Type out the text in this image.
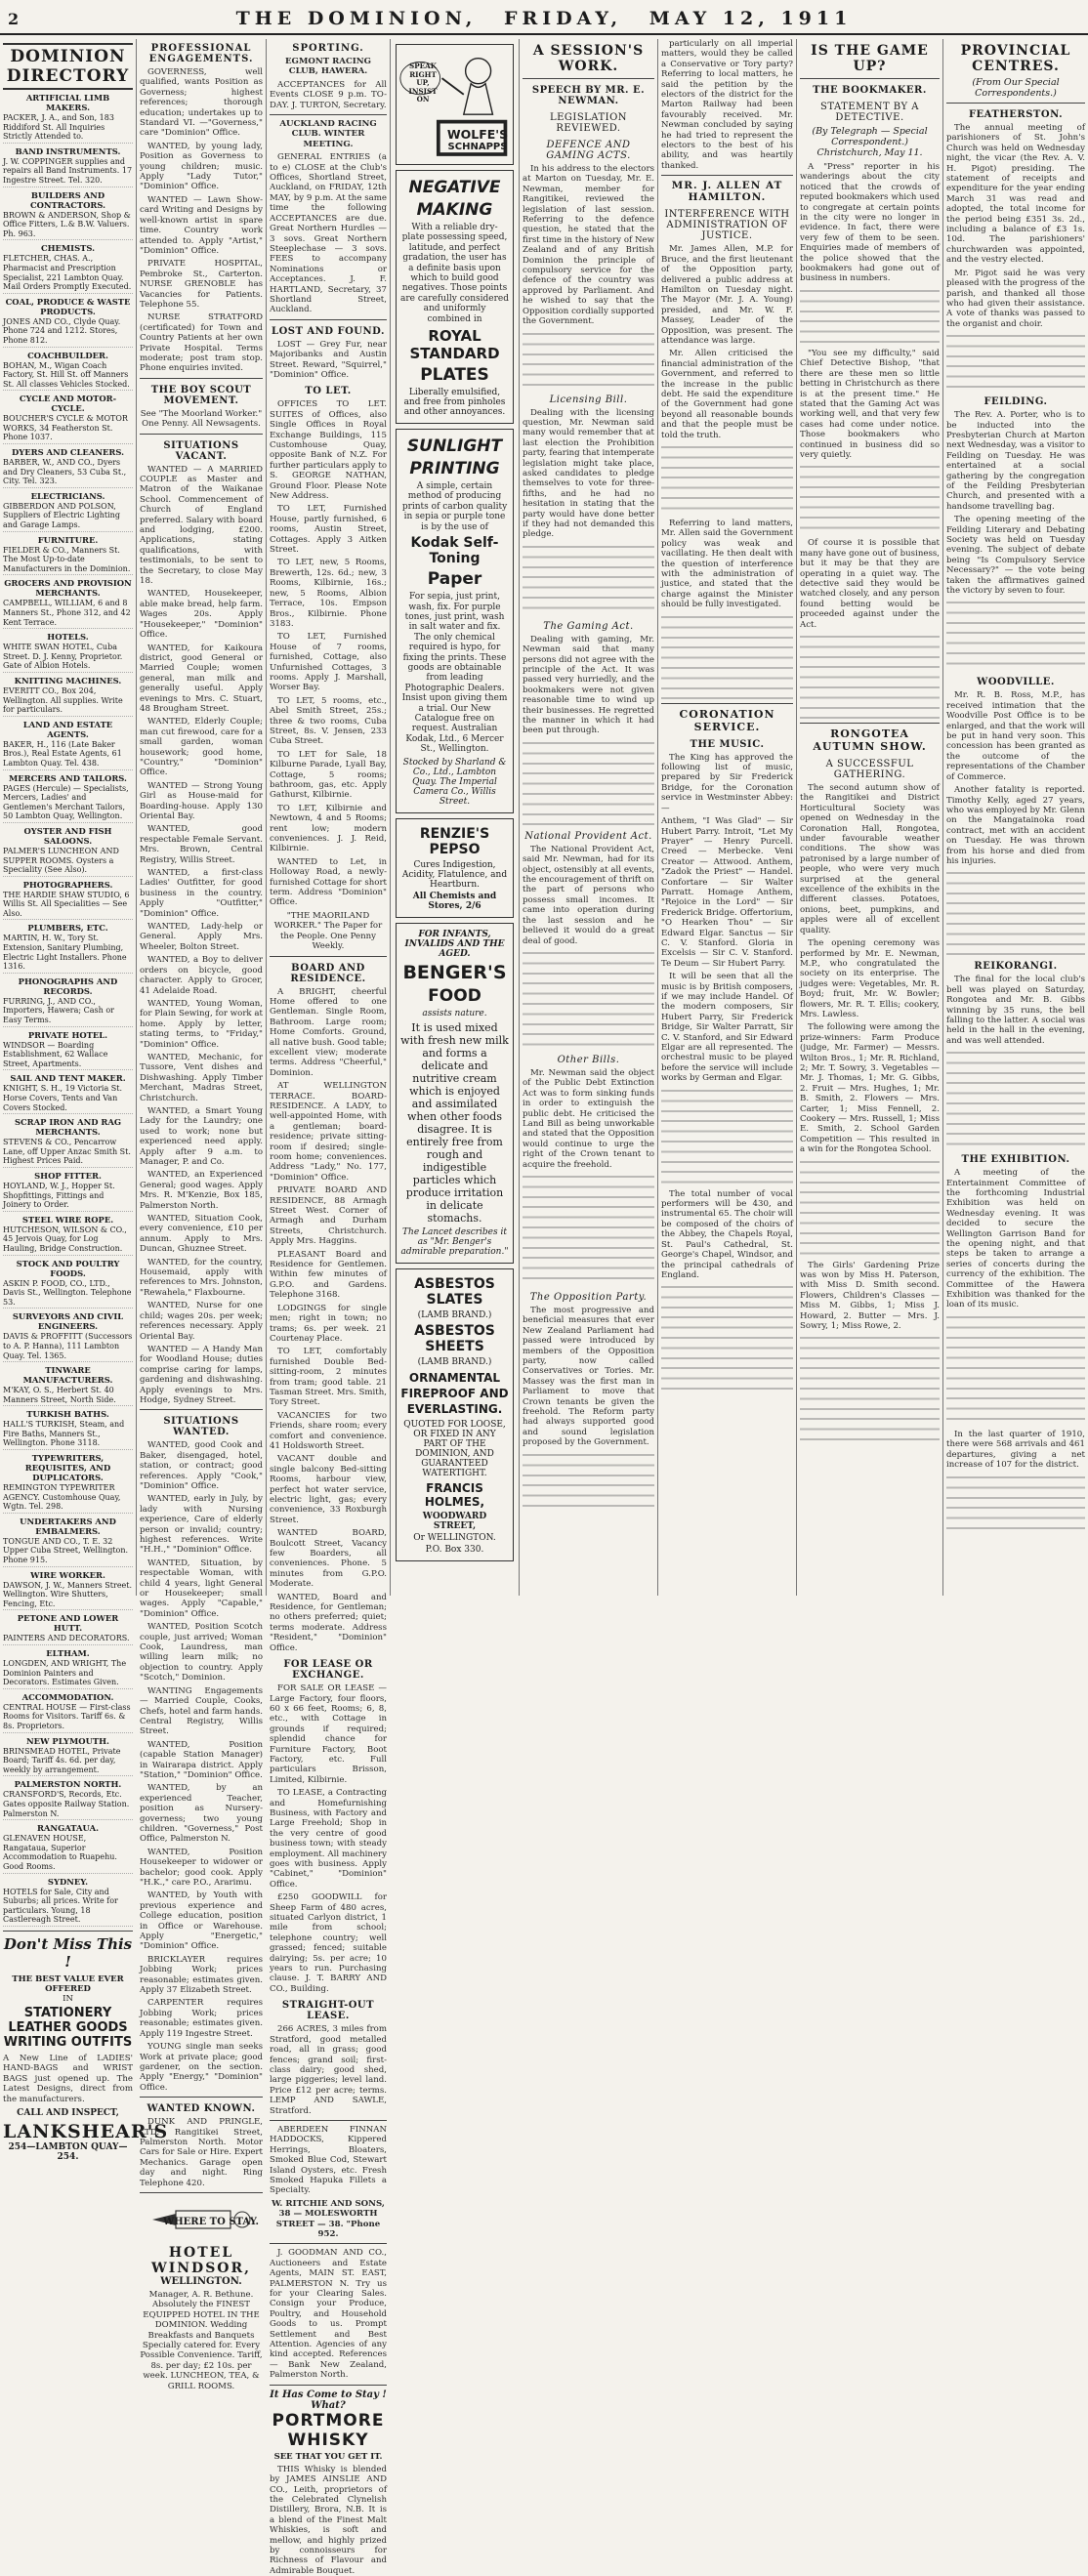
2	THE DOMINION, FRIDAY, MAY 12, 1911
DOMINION DIRECTORY
ARTIFICIAL LIMB MAKERS.
PACKER, J. A., and Son, 183 Riddiford St. All Inquiries Strictly Attended to.
BAND INSTRUMENTS.
J. W. COPPINGER supplies and repairs all Band Instruments. 17 Ingestre Street. Tel. 320.
BUILDERS AND CONTRACTORS.
BROWN & ANDERSON, Shop & Office Fitters, L.& B.W. Valuers. Ph. 963.
CHEMISTS.
FLETCHER, CHAS. A., Pharmacist and Prescription Specialist, 221 Lambton Quay. Mail Orders Promptly Executed.
COAL, PRODUCE & WASTE PRODUCTS.
JONES AND CO., Clyde Quay. Phone 724 and 1212. Stores, Phone 812.
COACHBUILDER.
BOHAN, M., Wigan Coach Factory, St. Hill St. off Manners St. All classes Vehicles Stocked.
CYCLE AND MOTOR-CYCLE.
BOUCHER'S CYCLE & MOTOR WORKS, 34 Featherston St. Phone 1037.
DYERS AND CLEANERS.
BARBER, W., AND CO., Dyers and Dry Cleaners, 53 Cuba St., City. Tel. 323.
ELECTRICIANS.
GIBBERDON AND POLSON, Suppliers of Electric Lighting and Garage Lamps.
FURNITURE.
FIELDER & CO., Manners St. The Most Up-to-date Manufacturers in the Dominion.
GROCERS AND PROVISION MERCHANTS.
CAMPBELL, WILLIAM, 6 and 8 Manners St., Phone 312, and 42 Kent Terrace.
HOTELS.
WHITE SWAN HOTEL, Cuba Street. D. J. Kenny, Proprietor. Gate of Albion Hotels.
KNITTING MACHINES.
EVERITT CO., Box 204, Wellington. All supplies. Write for particulars.
LAND AND ESTATE AGENTS.
BAKER, H., 116 (Late Baker Bros.), Real Estate Agents, 61 Lambton Quay. Tel. 438.
MERCERS AND TAILORS.
PAGES (Hercule) — Specialists, Mercers, Ladies' and Gentlemen's Merchant Tailors, 50 Lambton Quay, Wellington.
OYSTER AND FISH SALOONS.
PALMER'S LUNCHEON AND SUPPER ROOMS. Oysters a Speciality (See Also).
PHOTOGRAPHERS.
THE HARDIE SHAW STUDIO, 6 Willis St. All Specialities — See Also.
PLUMBERS, ETC.
MARTIN, H. W., Tory St. Extension, Sanitary Plumbing, Electric Light Installers. Phone 1316.
PHONOGRAPHS AND RECORDS.
FURRING, J., AND CO., Importers, Hawera; Cash or Easy Terms.
PRIVATE HOTEL.
WINDSOR — Boarding Establishment, 62 Wallace Street, Apartments.
SAIL AND TENT MAKER.
KNIGHT, S. H., 19 Victoria St. Horse Covers, Tents and Van Covers Stocked.
SCRAP IRON AND RAG MERCHANTS.
STEVENS & CO., Pencarrow Lane, off Upper Anzac Smith St. Highest Prices Paid.
SHOP FITTER.
HOYLAND, W. J., Hopper St. Shopfittings, Fittings and Joinery to Order.
STEEL WIRE ROPE.
HUTCHESON, WILSON & CO., 45 Jervois Quay, for Log Hauling, Bridge Construction.
STOCK AND POULTRY FOODS.
ASKIN P. FOOD, CO., LTD., Davis St., Wellington. Telephone 53.
SURVEYORS AND CIVIL ENGINEERS.
DAVIS & PROFFITT (Successors to A. P. Hanna), 111 Lambton Quay. Tel. 1365.
TINWARE MANUFACTURERS.
M'KAY, O. S., Herbert St. 40 Manners Street, North Side.
TURKISH BATHS.
HALL'S TURKISH, Steam, and Fire Baths, Manners St., Wellington. Phone 3118.
TYPEWRITERS, REQUISITES, AND DUPLICATORS.
REMINGTON TYPEWRITER AGENCY. Customhouse Quay, Wgtn. Tel. 298.
UNDERTAKERS AND EMBALMERS.
TONGUE AND CO., T. E. 32 Upper Cuba Street, Wellington. Phone 915.
WIRE WORKER.
DAWSON, J. W., Manners Street. Wellington. Wire Shutters, Fencing, Etc.
PETONE AND LOWER HUTT.
PAINTERS AND DECORATORS.
ELTHAM.
LONGDEN, AND WRIGHT, The Dominion Painters and Decorators. Estimates Given.
ACCOMMODATION.
CENTRAL HOUSE — First-class Rooms for Visitors. Tariff 6s. & 8s. Proprietors.
NEW PLYMOUTH.
BRINSMEAD HOTEL, Private Board; Tariff 4s. 6d. per day, weekly by arrangement.
PALMERSTON NORTH.
CRANSFORD'S, Records, Etc. Gates opposite Railway Station. Palmerston N.
RANGATAUA.
GLENAVEN HOUSE, Rangataua, Superior Accommodation to Ruapehu. Good Rooms.
SYDNEY.
HOTELS for Sale, City and Suburbs; all prices. Write for particulars. Young, 18 Castlereagh Street.
Don't Miss This !
THE BEST VALUE EVER OFFERED
IN
STATIONERY
LEATHER GOODS
WRITING OUTFITS
A New Line of LADIES' HAND-BAGS and WRIST BAGS just opened up. The Latest Designs, direct from the manufacturers.
CALL AND INSPECT,
LANKSHEAR'S
254—LAMBTON QUAY—254.
PROFESSIONAL ENGAGEMENTS.
GOVERNESS, well qualified, wants Position as Governess; highest references; thorough education; undertakes up to Standard VI. —"Governess," care "Dominion" Office.
WANTED, by young lady, Position as Governess to young children; music. Apply "Lady Tutor," "Dominion" Office.
WANTED — Lawn Show-card Writing and Designs by well-known artist in spare time. Country work attended to. Apply "Artist," "Dominion" Office.
PRIVATE HOSPITAL, Pembroke St., Carterton. NURSE GRENOBLE has Vacancies for Patients. Telephone 55.
NURSE STRATFORD (certificated) for Town and Country Patients at her own Private Hospital. Terms moderate; post tram stop. Phone enquiries invited.
THE BOY SCOUT MOVEMENT.
See "The Moorland Worker." One Penny. All Newsagents.
SITUATIONS VACANT.
WANTED — A MARRIED COUPLE as Master and Matron of the Waikanae School. Commencement of Church of England preferred. Salary with board and lodging, £200. Applications, stating qualifications, with testimonials, to be sent to the Secretary, to close May 18.
WANTED, Housekeeper, able make bread, help farm. Wages 20s. Apply "Housekeeper," "Dominion" Office.
WANTED, for Kaikoura district, good General or Married Couple; women general, man milk and generally useful. Apply evenings to Mrs. C. Stuart, 48 Brougham Street.
WANTED, Elderly Couple; man cut firewood, care for a small garden, woman housework; good home, "Country," "Dominion" Office.
WANTED — Strong Young Girl as House-maid for Boarding-house. Apply 130 Oriental Bay.
WANTED, good respectable Female Servant. Mrs. Brown, Central Registry, Willis Street.
WANTED, a first-class Ladies' Outfitter, for good business in the country. Apply "Outfitter," "Dominion" Office.
WANTED, Lady-help or General. Apply Mrs. Wheeler, Bolton Street.
WANTED, a Boy to deliver orders on bicycle, good character. Apply to Grocer, 41 Adelaide Road.
WANTED, Young Woman, for Plain Sewing, for work at home. Apply by letter, stating terms, to "Friday," "Dominion" Office.
WANTED, Mechanic, for Tussore, Vent dishes and Dishwashing. Apply Timber Merchant, Madras Street, Christchurch.
WANTED, a Smart Young Lady for the Laundry; one used to work; none but experienced need apply. Apply after 9 a.m. to Manager, P. and Co.
WANTED, an Experienced General; good wages. Apply Mrs. R. M'Kenzie, Box 185, Palmerston North.
WANTED, Situation Cook, every convenience, £10 per annum. Apply to Mrs. Duncan, Ghuznee Street.
WANTED, for the country, Housemaid, apply with references to Mrs. Johnston, "Rewahela," Flaxbourne.
WANTED, Nurse for one child; wages 20s. per week; references necessary. Apply Oriental Bay.
WANTED — A Handy Man for Woodland House; duties comprise caring for lamps, gardening and dishwashing. Apply evenings to Mrs. Hodge, Sydney Street.
SITUATIONS WANTED.
WANTED, good Cook and Baker, disengaged, hotel, station, or contract; good references. Apply "Cook," "Dominion" Office.
WANTED, early in July, by lady with Nursing experience, Care of elderly person or invalid; country; highest references. Write "H.H.," "Dominion" Office.
WANTED, Situation, by respectable Woman, with child 4 years, light General or Housekeeper; small wages. Apply "Capable," "Dominion" Office.
WANTED, Position Scotch couple, just arrived; Woman Cook, Laundress, man willing learn milk; no objection to country. Apply "Scotch," Dominion.
WANTING Engagements — Married Couple, Cooks, Chefs, hotel and farm hands. Central Registry, Willis Street.
WANTED, Position (capable Station Manager) in Wairarapa district. Apply "Station," "Dominion" Office.
WANTED, by an experienced Teacher, position as Nursery-governess; two young children. "Governess," Post Office, Palmerston N.
WANTED, Position Housekeeper to widower or bachelor; good cook. Apply "H.K.," care P.O., Ararimu.
WANTED, by Youth with previous experience and College education, position in Office or Warehouse. Apply "Energetic," "Dominion" Office.
BRICKLAYER requires Jobbing Work; prices reasonable; estimates given. Apply 37 Elizabeth Street.
CARPENTER requires Jobbing Work; prices reasonable; estimates given. Apply 119 Ingestre Street.
YOUNG single man seeks Work at private place; good gardener, on the section. Apply "Energy," "Dominion" Office.
WANTED KNOWN.
DUNK AND PRINGLE, LTD. Rangitikei Street, Palmerston North. Motor Cars for Sale or Hire. Expert Mechanics. Garage open day and night. Ring Telephone 420.
WHERE TO STAY.
HOTEL WINDSOR,
WELLINGTON.
Manager, A. R. Bethune. Absolutely the FINEST EQUIPPED HOTEL IN THE DOMINION. Wedding Breakfasts and Banquets Specially catered for. Every Possible Convenience. Tariff, 8s. per day; £2 10s. per week. LUNCHEON, TEA, & GRILL ROOMS.
SPORTING.
EGMONT RACING CLUB, HAWERA.
ACCEPTANCES for All Events CLOSE 9 p.m. TO-DAY. J. TURTON, Secretary.
AUCKLAND RACING CLUB. WINTER MEETING.
GENERAL ENTRIES (a to e) CLOSE at the Club's Offices, Shortland Street, Auckland, on FRIDAY, 12th MAY, by 9 p.m. At the same time the following ACCEPTANCES are due. Great Northern Hurdles — 3 sovs. Great Northern Steeplechase — 3 sovs. FEES to accompany Nominations or Acceptances. J. F. HARTLAND, Secretary, 37 Shortland Street, Auckland.
LOST AND FOUND.
LOST — Grey Fur, near Majoribanks and Austin Street. Reward, "Squirrel," "Dominion" Office.
TO LET.
OFFICES TO LET. SUITES of Offices, also Single Offices in Royal Exchange Buildings, 115 Customhouse Quay, opposite Bank of N.Z. For further particulars apply to S. GEORGE NATHAN, Ground Floor. Please Note New Address.
TO LET, Furnished House, partly furnished, 6 rooms, Austin Street, Cottages. Apply 3 Aitken Street.
TO LET, new, 5 Rooms, Brewerth, 12s. 6d.; new, 3 Rooms, Kilbirnie, 16s.; new, 5 Rooms, Albion Terrace, 10s. Empson Bros., Kilbirnie. Phone 3183.
TO LET, Furnished House of 7 rooms, furnished, Cottage, also Unfurnished Cottages, 3 rooms. Apply J. Marshall, Worser Bay.
TO LET, 5 rooms, etc., Abel Smith Street, 25s.; three & two rooms, Cuba Street, 8s. V. Jensen, 233 Cuba Street.
TO LET for Sale, 18 Kilburne Parade, Lyall Bay, Cottage, 5 rooms; bathroom, gas, etc. Apply Gathurst, Kilbirnie.
TO LET, Kilbirnie and Newtown, 4 and 5 Rooms; rent low; modern conveniences. J. J. Reid, Kilbirnie.
WANTED to Let, in Holloway Road, a newly-furnished Cottage for short term. Address "Dominion" Office.
"THE MAORILAND WORKER." The Paper for the People. One Penny Weekly.
BOARD AND RESIDENCE.
A BRIGHT, cheerful Home offered to one Gentleman. Single Room, Bathroom. Large room; Home Comforts. Ground, all native bush. Good table; excellent view; moderate terms. Address "Cheerful," Dominion.
AT WELLINGTON TERRACE. BOARD-RESIDENCE. A LADY, to well-appointed Home, with a gentleman; board-residence; private sitting-room if desired; single-room home; conveniences. Address "Lady," No. 177, "Dominion" Office.
PRIVATE BOARD AND RESIDENCE, 88 Armagh Street West. Corner of Armagh and Durham Streets, Christchurch. Apply Mrs. Haggins.
PLEASANT Board and Residence for Gentlemen. Within few minutes of G.P.O. and Gardens. Telephone 3168.
LODGINGS for single men; right in town; no trams; 6s. per week. 21 Courtenay Place.
TO LET, comfortably furnished Double Bed-sitting-room, 2 minutes from tram; good table. 21 Tasman Street. Mrs. Smith, Tory Street.
VACANCIES for two Friends, share room; every comfort and convenience. 41 Holdsworth Street.
VACANT double and single balcony Bed-sitting Rooms, harbour view, perfect hot water service, electric light, gas; every convenience, 33 Roxburgh Street.
WANTED BOARD, Boulcott Street, Vacancy few Boarders, all conveniences. Phone. 5 minutes from G.P.O. Moderate.
WANTED, Board and Residence, for Gentleman; no others preferred; quiet; terms moderate. Address "Resident," "Dominion" Office.
FOR LEASE OR EXCHANGE.
FOR SALE OR LEASE — Large Factory, four floors, 60 x 66 feet, Rooms; 6, 8, etc., with Cottage in grounds if required; splendid chance for Furniture Factory, Boot Factory, etc. Full particulars Brisson, Limited, Kilbirnie.
TO LEASE, a Contracting and Homefurnishing Business, with Factory and Large Freehold; Shop in the very centre of good business town; with steady employment. All machinery goes with business. Apply "Cabinet," "Dominion" Office.
£250 GOODWILL for Sheep Farm of 480 acres, situated Carlyon district, 1 mile from school; telephone country; well grassed; fenced; suitable dairying; 5s. per acre; 10 years to run. Purchasing clause. J. T. BARRY AND CO., Building.
STRAIGHT-OUT LEASE.
266 ACRES, 3 miles from Stratford, good metalled road, all in grass; good fences; grand soil; first-class dairy; good shed, large piggeries; level land. Price £12 per acre; terms. LEMP AND SAWLE, Stratford.
ABERDEEN FINNAN HADDOCKS, Kippered Herrings, Bloaters, Smoked Blue Cod, Stewart Island Oysters, etc. Fresh Smoked Hapuka Fillets a Specialty.
W. RITCHIE AND SONS, 38 — MOLESWORTH STREET — 38. "Phone 952.
J. GOODMAN AND CO., Auctioneers and Estate Agents, MAIN ST. EAST, PALMERSTON N. Try us for your Clearing Sales. Consign your Produce, Poultry, and Household Goods to us. Prompt Settlement and Best Attention. Agencies of any kind accepted. References — Bank New Zealand, Palmerston North.
It Has Come to Stay ! What?
PORTMORE
WHISKY
SEE THAT YOU GET IT.
THIS Whisky is blended by JAMES AINSLIE AND CO., Leith, proprietors of the Celebrated Clynelish Distillery, Brora, N.B. It is a blend of the Finest Malt Whiskies, is soft and mellow, and highly prized by connoisseurs for Richness of Flavour and Admirable Bouquet.
SPEAK RIGHT UP, INSIST ON
WOLFE'S
SCHNAPPS
NEGATIVE
MAKING
With a reliable dry-plate possessing speed, latitude, and perfect gradation, the user has a definite basis upon which to build good negatives. Those points are carefully considered and uniformly combined in
ROYAL STANDARD
PLATES
Liberally emulsified, and free from pinholes and other annoyances.
SUNLIGHT
PRINTING
A simple, certain method of producing prints of carbon quality in sepia or purple tone is by the use of
Kodak Self-Toning
Paper
For sepia, just print, wash, fix. For purple tones, just print, wash in salt water and fix. The only chemical required is hypo, for fixing the prints. These goods are obtainable from leading Photographic Dealers. Insist upon giving them a trial. Our New Catalogue free on request. Australian Kodak, Ltd., 6 Mercer St., Wellington.
Stocked by Sharland & Co., Ltd., Lambton Quay. The Imperial Camera Co., Willis Street.
RENZIE'S PEPSO
Cures Indigestion, Acidity, Flatulence, and Heartburn.
All Chemists and Stores, 2/6
FOR INFANTS, INVALIDS AND THE AGED.
BENGER'S
FOOD
assists nature.
It is used mixed with fresh new milk and forms a delicate and nutritive cream which is enjoyed and assimilated when other foods disagree. It is entirely free from rough and indigestible particles which produce irritation in delicate stomachs.
The Lancet describes it as "Mr. Benger's admirable preparation."
ASBESTOS SLATES
(LAMB BRAND.)
ASBESTOS SHEETS
(LAMB BRAND.)
ORNAMENTAL FIREPROOF AND EVERLASTING.
QUOTED FOR LOOSE, OR FIXED IN ANY PART OF THE DOMINION, AND GUARANTEED WATERTIGHT.
FRANCIS HOLMES,
WOODWARD STREET,
Or WELLINGTON.
P.O. Box 330.
A SESSION'S WORK.
SPEECH BY MR. E. NEWMAN.
LEGISLATION REVIEWED.
DEFENCE AND GAMING ACTS.
In his address to the electors at Marton on Tuesday, Mr. E. Newman, member for Rangitikei, reviewed the legislation of last session. Referring to the defence question, he stated that the first time in the history of New Zealand and of any British Dominion the principle of compulsory service for the defence of the country was approved by Parliament. And he wished to say that the Opposition cordially supported the Government.
Licensing Bill.
Dealing with the licensing question, Mr. Newman said many would remember that at last election the Prohibition party, fearing that intemperate legislation might take place, asked candidates to pledge themselves to vote for three-fifths, and he had no hesitation in stating that the party would have done better if they had not demanded this pledge.
The Gaming Act.
Dealing with gaming, Mr. Newman said that many persons did not agree with the principle of the Act. It was passed very hurriedly, and the bookmakers were not given reasonable time to wind up their businesses. He regretted the manner in which it had been put through.
National Provident Act.
The National Provident Act, said Mr. Newman, had for its object, ostensibly at all events, the encouragement of thrift on the part of persons who possess small incomes. It came into operation during the last session and he believed it would do a great deal of good.
Other Bills.
Mr. Newman said the object of the Public Debt Extinction Act was to form sinking funds in order to extinguish the public debt. He criticised the Land Bill as being unworkable and stated that the Opposition would continue to urge the right of the Crown tenant to acquire the freehold.
The Opposition Party.
The most progressive and beneficial measures that ever New Zealand Parliament had passed were introduced by members of the Opposition party, now called Conservatives or Tories. Mr. Massey was the first man in Parliament to move that Crown tenants be given the freehold. The Reform party had always supported good and sound legislation proposed by the Government.
particularly on all imperial matters, would they be called a Conservative or Tory party? Referring to local matters, he said the petition by the electors of the district for the Marton Railway had been favourably received. Mr. Newman concluded by saying he had tried to represent the electors to the best of his ability, and was heartily thanked.
MR. J. ALLEN AT HAMILTON.
INTERFERENCE WITH ADMINISTRATION OF JUSTICE.
Mr. James Allen, M.P. for Bruce, and the first lieutenant of the Opposition party, delivered a public address at Hamilton on Tuesday night. The Mayor (Mr. J. A. Young) presided, and Mr. W. F. Massey, Leader of the Opposition, was present. The attendance was large.
Mr. Allen criticised the financial administration of the Government, and referred to the increase in the public debt. He said the expenditure of the Government had gone beyond all reasonable bounds and that the people must be told the truth.
Referring to land matters, Mr. Allen said the Government policy was weak and vacillating. He then dealt with the question of interference with the administration of justice, and stated that the charge against the Minister should be fully investigated.
CORONATION SERVICE.
THE MUSIC.
The King has approved the following list of music, prepared by Sir Frederick Bridge, for the Coronation service in Westminster Abbey:—
Anthem, "I Was Glad" — Sir Hubert Parry. Introit, "Let My Prayer" — Henry Purcell. Creed — Merbecke. Veni Creator — Attwood. Anthem, "Zadok the Priest" — Handel. Confortare — Sir Walter Parratt. Homage Anthem, "Rejoice in the Lord" — Sir Frederick Bridge. Offertorium, "O Hearken Thou" — Sir Edward Elgar. Sanctus — Sir C. V. Stanford. Gloria in Excelsis — Sir C. V. Stanford. Te Deum — Sir Hubert Parry.
It will be seen that all the music is by British composers, if we may include Handel. Of the modern composers, Sir Hubert Parry, Sir Frederick Bridge, Sir Walter Parratt, Sir C. V. Stanford, and Sir Edward Elgar are all represented. The orchestral music to be played before the service will include works by German and Elgar.
The total number of vocal performers will be 430, and instrumental 65. The choir will be composed of the choirs of the Abbey, the Chapels Royal, St. Paul's Cathedral, St. George's Chapel, Windsor, and the principal cathedrals of England.
IS THE GAME UP?
THE BOOKMAKER.
STATEMENT BY A DETECTIVE.
(By Telegraph — Special Correspondent.) Christchurch, May 11.
A "Press" reporter in his wanderings about the city noticed that the crowds of reputed bookmakers which used to congregate at certain points in the city were no longer in evidence. In fact, there were very few of them to be seen. Enquiries made of members of the police showed that the bookmakers had gone out of business in numbers.
"You see my difficulty," said Chief Detective Bishop, "that there are these men so little betting in Christchurch as there is at the present time." He stated that the Gaming Act was working well, and that very few cases had come under notice. Those bookmakers who continued in business did so very quietly.
Of course it is possible that many have gone out of business, but it may be that they are operating in a quiet way. The detective said they would be watched closely, and any person found betting would be proceeded against under the Act.
RONGOTEA AUTUMN SHOW.
A SUCCESSFUL GATHERING.
The second autumn show of the Rangitikei and District Horticultural Society was opened on Wednesday in the Coronation Hall, Rongotea, under favourable weather conditions. The show was patronised by a large number of people, who were very much surprised at the general excellence of the exhibits in the different classes. Potatoes, onions, beet, pumpkins, and apples were all of excellent quality.
The opening ceremony was performed by Mr. E. Newman, M.P., who congratulated the society on its enterprise. The judges were: Vegetables, Mr. R. Boyd; fruit, Mr. W. Bowler; flowers, Mr. R. T. Ellis; cookery, Mrs. Lawless.
The following were among the prize-winners: Farm Produce (judge, Mr. Farmer) — Messrs. Wilton Bros., 1; Mr. R. Richland, 2; Mr. T. Sowry, 3. Vegetables — Mr. J. Thomas, 1; Mr. G. Gibbs, 2. Fruit — Mrs. Hughes, 1; Mr. B. Smith, 2. Flowers — Mrs. Carter, 1; Miss Fennell, 2. Cookery — Mrs. Russell, 1; Miss E. Smith, 2. School Garden Competition — This resulted in a win for the Rongotea School.
The Girls' Gardening Prize was won by Miss H. Paterson, with Miss D. Smith second. Flowers, Children's Classes — Miss M. Gibbs, 1; Miss J. Howard, 2. Butter — Mrs. J. Sowry, 1; Miss Rowe, 2.
PROVINCIAL CENTRES.
(From Our Special Correspondents.)
FEATHERSTON.
The annual meeting of parishioners of St. John's Church was held on Wednesday night, the vicar (the Rev. A. V. H. Pigot) presiding. The statement of receipts and expenditure for the year ending March 31 was read and adopted, the total income for the period being £351 3s. 2d., including a balance of £3 1s. 10d. The parishioners' churchwarden was appointed, and the vestry elected.
Mr. Pigot said he was very pleased with the progress of the parish, and thanked all those who had given their assistance. A vote of thanks was passed to the organist and choir.
FEILDING.
The Rev. A. Porter, who is to be inducted into the Presbyterian Church at Marton next Wednesday, was a visitor to Feilding on Tuesday. He was entertained at a social gathering by the congregation of the Feilding Presbyterian Church, and presented with a handsome travelling bag.
The opening meeting of the Feilding Literary and Debating Society was held on Tuesday evening. The subject of debate being "Is Compulsory Service Necessary?" — the vote being taken the affirmatives gained the victory by seven to four.
WOODVILLE.
Mr. R. B. Ross, M.P., has received intimation that the Woodville Post Office is to be enlarged, and that the work will be put in hand very soon. This concession has been granted as the outcome of the representations of the Chamber of Commerce.
Another fatality is reported. Timothy Kelly, aged 27 years, who was employed by Mr. Glenn on the Mangatainoka road contract, met with an accident on Tuesday. He was thrown from his horse and died from his injuries.
REIKORANGI.
The final for the local club's bell was played on Saturday, Rongotea and Mr. B. Gibbs winning by 35 runs, the bell falling to the latter. A social was held in the hall in the evening, and was well attended.
THE EXHIBITION.
A meeting of the Entertainment Committee of the forthcoming Industrial Exhibition was held on Wednesday evening. It was decided to secure the Wellington Garrison Band for the opening night, and that steps be taken to arrange a series of concerts during the currency of the exhibition. The Committee of the Hawera Exhibition was thanked for the loan of its music.
In the last quarter of 1910, there were 568 arrivals and 461 departures, giving a net increase of 107 for the district.
